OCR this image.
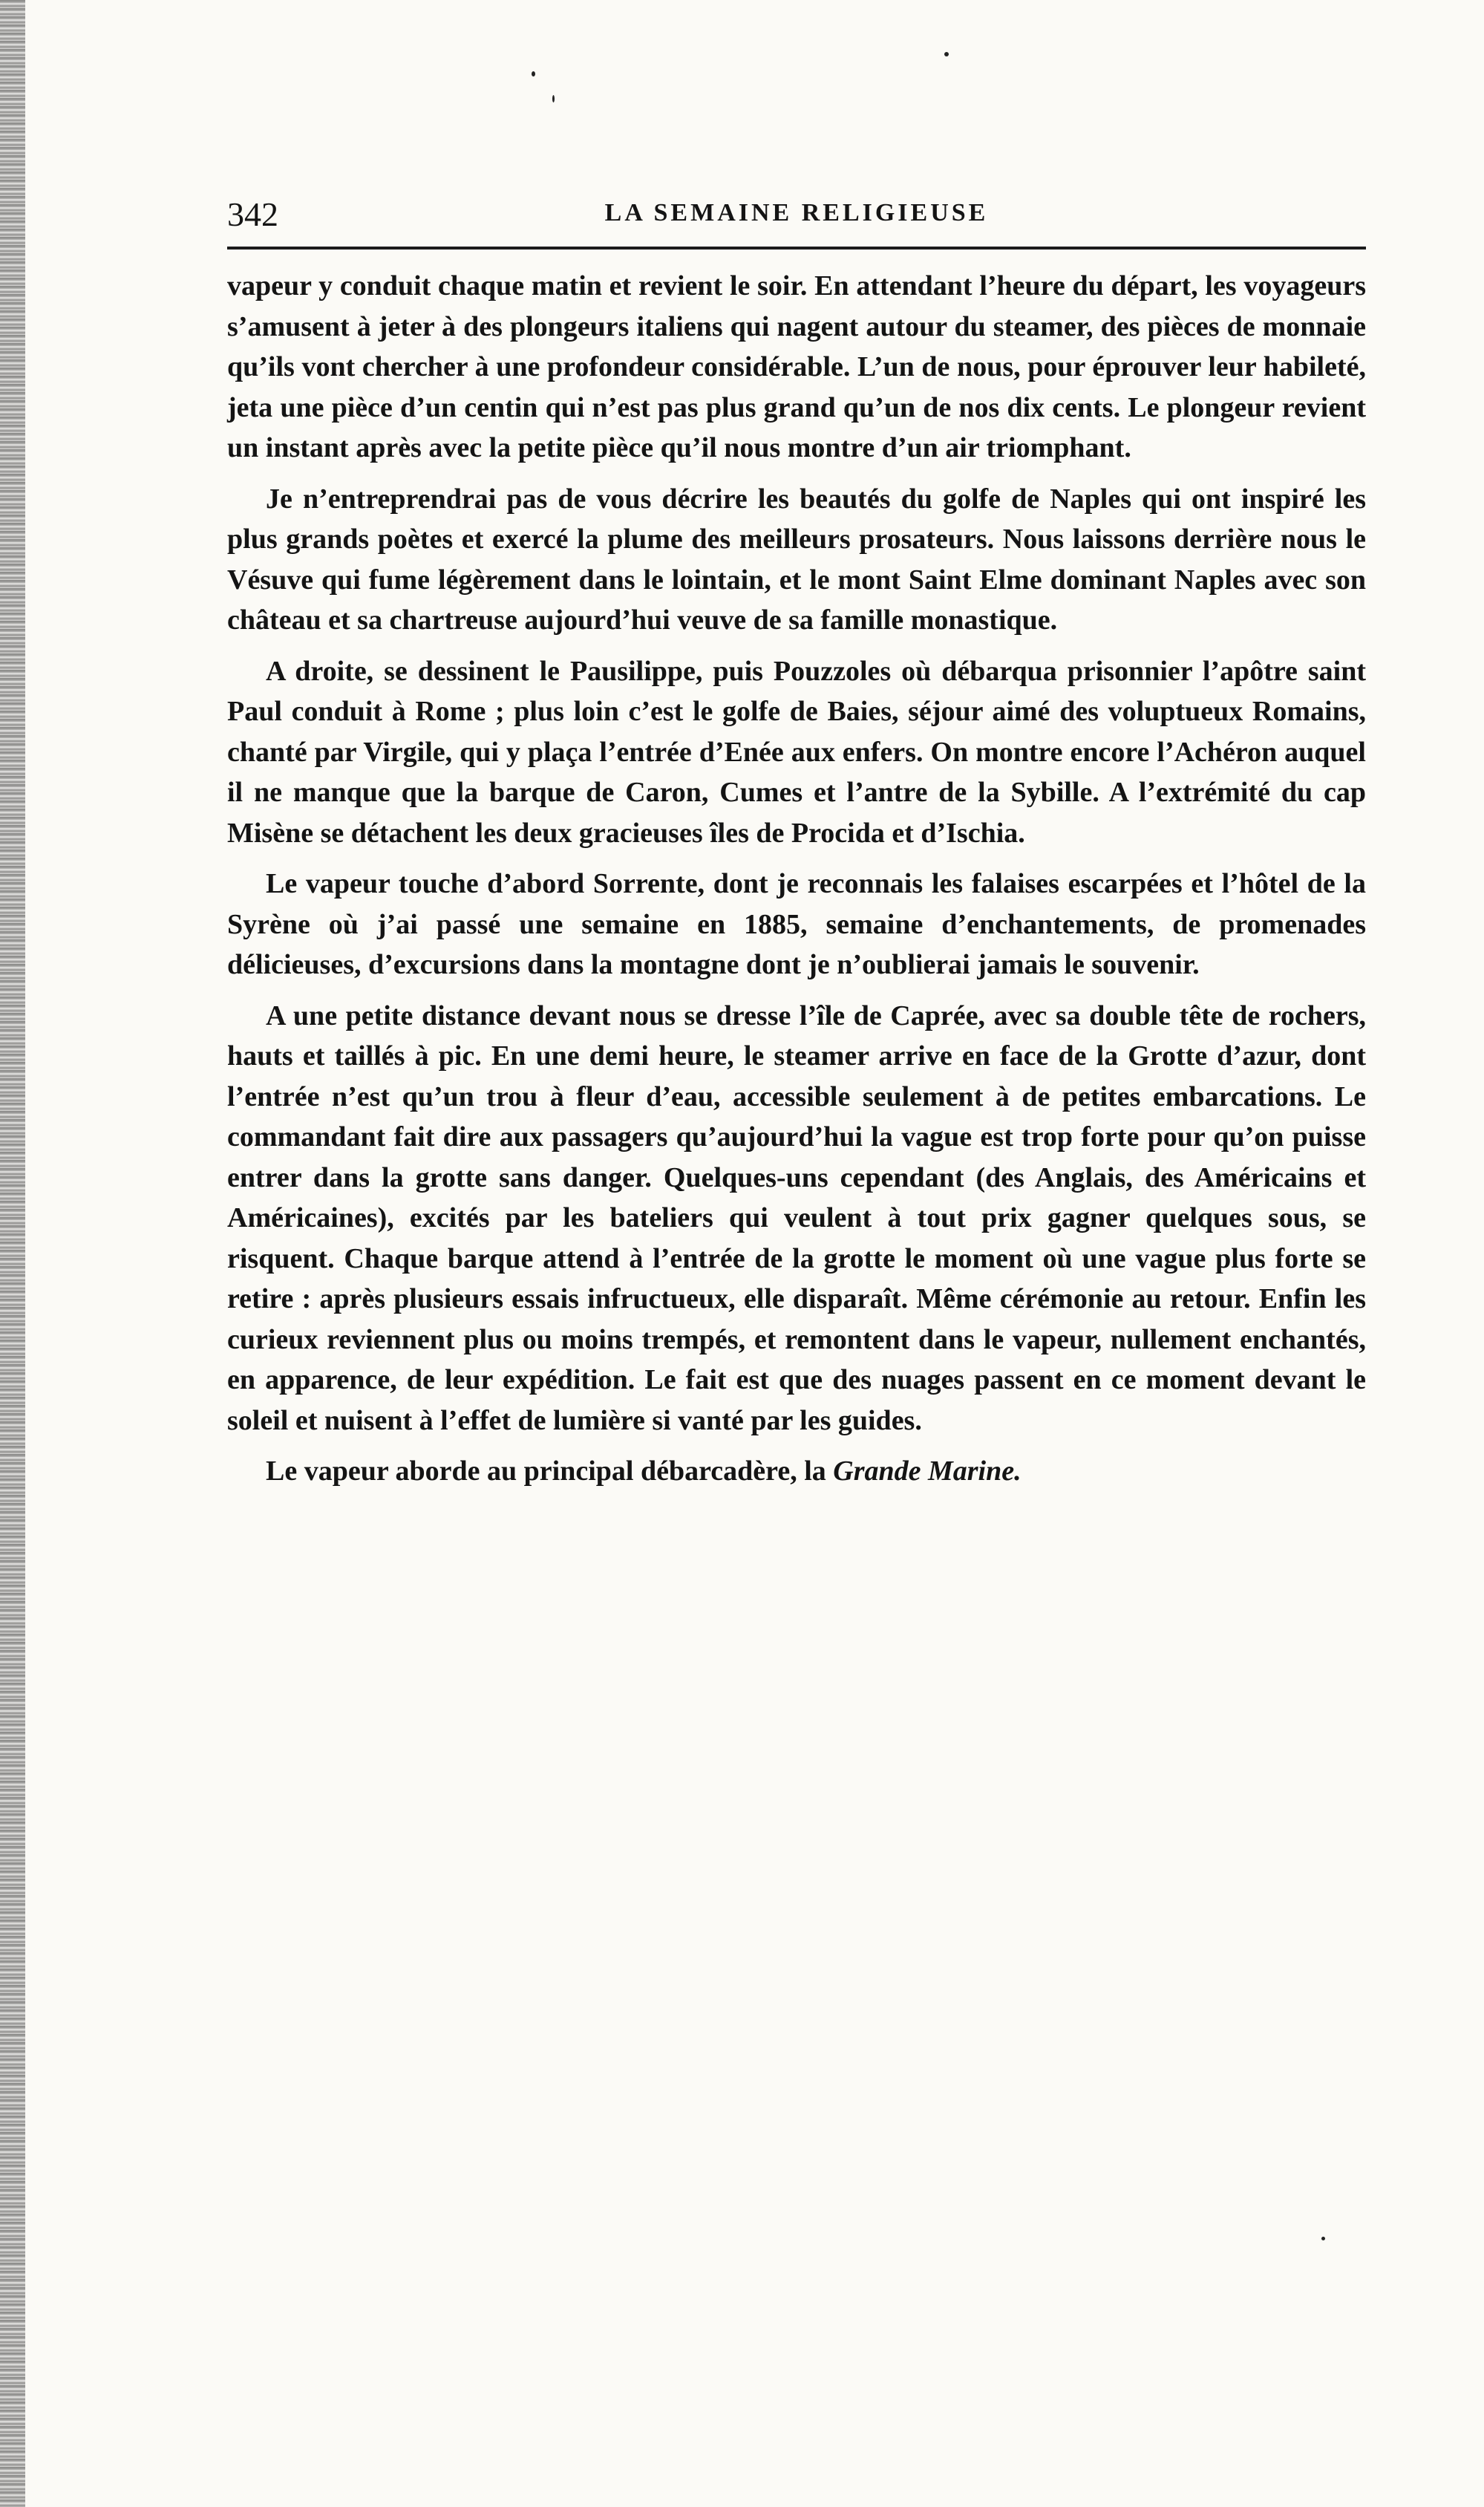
342	LA SEMAINE RELIGIEUSE

vapeur y conduit chaque matin et revient le soir. En attendant l’heure du départ, les voyageurs s’amusent à jeter à des plongeurs italiens qui nagent autour du steamer, des pièces de monnaie qu’ils vont chercher à une profondeur considérable. L’un de nous, pour éprouver leur habileté, jeta une pièce d’un centin qui n’est pas plus grand qu’un de nos dix cents. Le plongeur revient un instant après avec la petite pièce qu’il nous montre d’un air triomphant.

Je n’entreprendrai pas de vous décrire les beautés du golfe de Naples qui ont inspiré les plus grands poètes et exercé la plume des meilleurs prosateurs. Nous laissons derrière nous le Vésuve qui fume légèrement dans le lointain, et le mont Saint Elme dominant Naples avec son château et sa chartreuse aujourd’hui veuve de sa famille monastique.

A droite, se dessinent le Pausilippe, puis Pouzzoles où débarqua prisonnier l’apôtre saint Paul conduit à Rome ; plus loin c’est le golfe de Baies, séjour aimé des voluptueux Romains, chanté par Virgile, qui y plaça l’entrée d’Enée aux enfers. On montre encore l’Achéron auquel il ne manque que la barque de Caron, Cumes et l’antre de la Sybille. A l’extrémité du cap Misène se détachent les deux gracieuses îles de Procida et d’Ischia.

Le vapeur touche d’abord Sorrente, dont je reconnais les falaises escarpées et l’hôtel de la Syrène où j’ai passé une semaine en 1885, semaine d’enchantements, de promenades délicieuses, d’excursions dans la montagne dont je n’oublierai jamais le souvenir.

A une petite distance devant nous se dresse l’île de Caprée, avec sa double tête de rochers, hauts et taillés à pic. En une demi heure, le steamer arrive en face de la Grotte d’azur, dont l’entrée n’est qu’un trou à fleur d’eau, accessible seulement à de petites embarcations. Le commandant fait dire aux passagers qu’aujourd’hui la vague est trop forte pour qu’on puisse entrer dans la grotte sans danger. Quelques-uns cependant (des Anglais, des Américains et Américaines), excités par les bateliers qui veulent à tout prix gagner quelques sous, se risquent. Chaque barque attend à l’entrée de la grotte le moment où une vague plus forte se retire : après plusieurs essais infructueux, elle disparaît. Même cérémonie au retour. Enfin les curieux reviennent plus ou moins trempés, et remontent dans le vapeur, nullement enchantés, en apparence, de leur expédition. Le fait est que des nuages passent en ce moment devant le soleil et nuisent à l’effet de lumière si vanté par les guides.

Le vapeur aborde au principal débarcadère, la Grande Marine.
